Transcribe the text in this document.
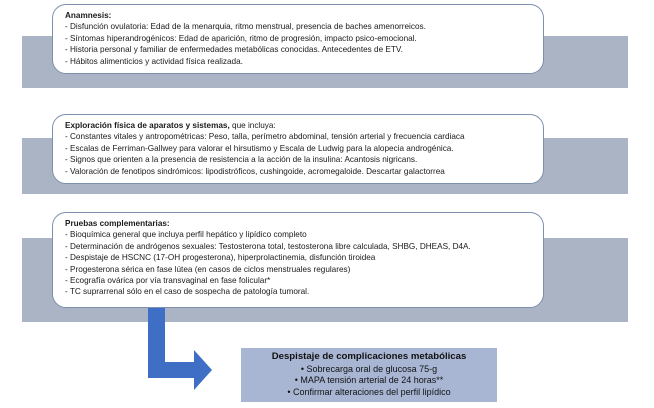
Anamnesis:
- Disfunción ovulatoria: Edad de la menarquia, ritmo menstrual, presencia de baches amenorreicos.
- Síntomas hiperandrogénicos: Edad de aparición, ritmo de progresión, impacto psico-emocional.
- Historia personal y familiar de enfermedades metabólicas conocidas. Antecedentes de ETV.
- Hábitos alimenticios y actividad física realizada.
Exploración física de aparatos y sistemas, que incluya:
- Constantes vitales y antropométricas: Peso, talla, perímetro abdominal, tensión arterial y frecuencia cardiaca
- Escalas de Ferriman-Gallwey para valorar el hirsutismo y Escala de Ludwig para la alopecia androgénica.
- Signos que orienten a la presencia de resistencia a la acción de la insulina: Acantosis nigricans.
- Valoración de fenotipos sindrómicos: lipodistróficos, cushingoide, acromegaloide. Descartar galactorrea
Pruebas complementarias:
- Bioquímica general que incluya perfil hepático y lipídico completo
- Determinación de andrógenos sexuales: Testosterona total, testosterona libre calculada, SHBG, DHEAS, D4A.
- Despistaje de HSCNC (17-OH progesterona), hiperprolactinemia, disfunción tiroidea
- Progesterona sérica en fase lútea (en casos de ciclos menstruales regulares)
- Ecografía ovárica por vía transvaginal en fase folicular*
- TC suprarrenal sólo en el caso de sospecha de patología tumoral.
Despistaje de complicaciones metabólicas
• Sobrecarga oral de glucosa 75-g
• MAPA tensión arterial de 24 horas**
• Confirmar alteraciones del perfil lipídico
